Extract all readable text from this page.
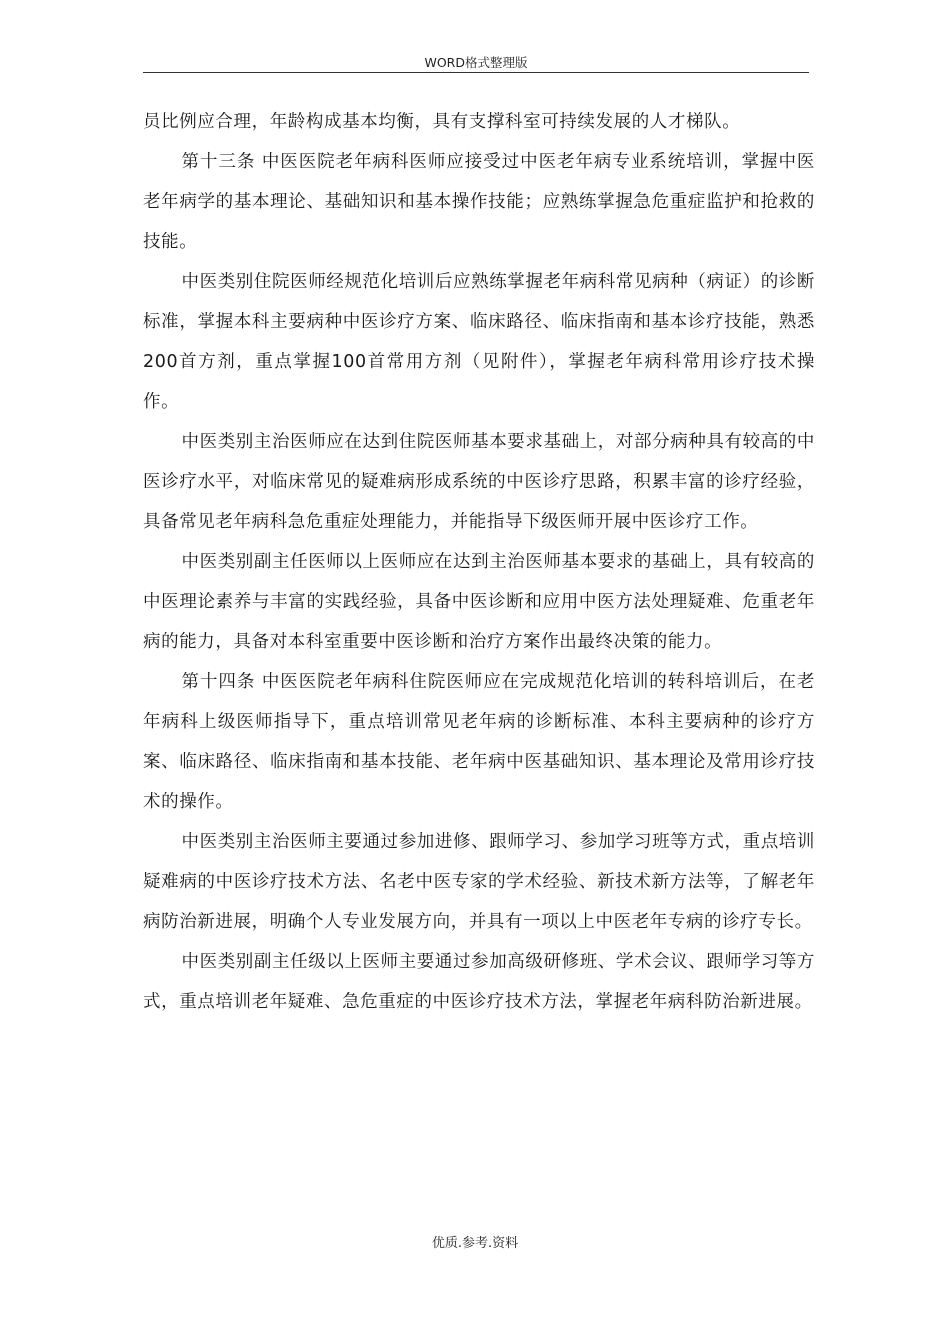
WORD格式整理版

员比例应合理，年龄构成基本均衡，具有支撑科室可持续发展的人才梯队。

第十三条 中医医院老年病科医师应接受过中医老年病专业系统培训，掌握中医老年病学的基本理论、基础知识和基本操作技能；应熟练掌握急危重症监护和抢救的技能。

中医类别住院医师经规范化培训后应熟练掌握老年病科常见病种（病证）的诊断标准，掌握本科主要病种中医诊疗方案、临床路径、临床指南和基本诊疗技能，熟悉200首方剂，重点掌握100首常用方剂（见附件），掌握老年病科常用诊疗技术操作。

中医类别主治医师应在达到住院医师基本要求基础上，对部分病种具有较高的中医诊疗水平，对临床常见的疑难病形成系统的中医诊疗思路，积累丰富的诊疗经验，具备常见老年病科急危重症处理能力，并能指导下级医师开展中医诊疗工作。

中医类别副主任医师以上医师应在达到主治医师基本要求的基础上，具有较高的中医理论素养与丰富的实践经验，具备中医诊断和应用中医方法处理疑难、危重老年病的能力，具备对本科室重要中医诊断和治疗方案作出最终决策的能力。

第十四条 中医医院老年病科住院医师应在完成规范化培训的转科培训后，在老年病科上级医师指导下，重点培训常见老年病的诊断标准、本科主要病种的诊疗方案、临床路径、临床指南和基本技能、老年病中医基础知识、基本理论及常用诊疗技术的操作。

中医类别主治医师主要通过参加进修、跟师学习、参加学习班等方式，重点培训疑难病的中医诊疗技术方法、名老中医专家的学术经验、新技术新方法等，了解老年病防治新进展，明确个人专业发展方向，并具有一项以上中医老年专病的诊疗专长。

中医类别副主任级以上医师主要通过参加高级研修班、学术会议、跟师学习等方式，重点培训老年疑难、急危重症的中医诊疗技术方法，掌握老年病科防治新进展。

优质.参考.资料
